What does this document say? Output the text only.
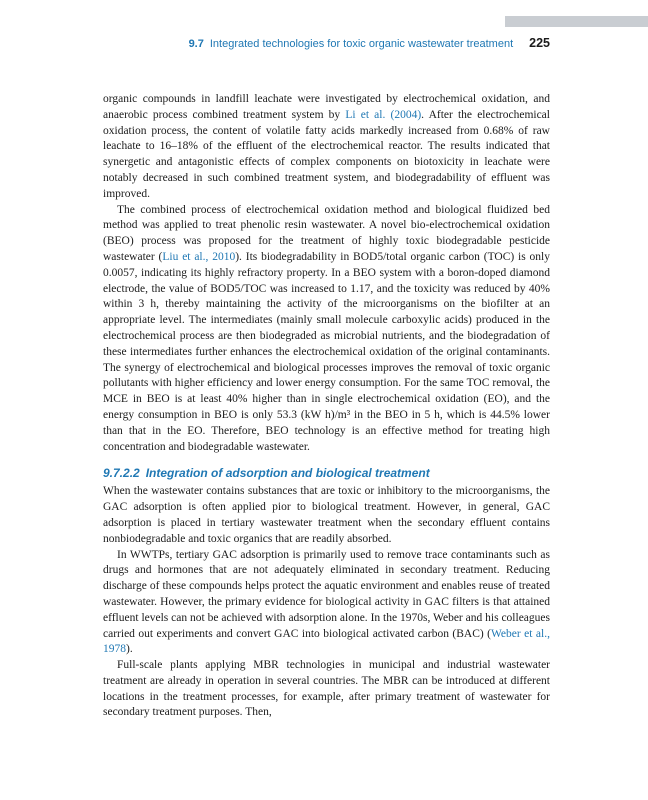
9.7 Integrated technologies for toxic organic wastewater treatment 225

organic compounds in landfill leachate were investigated by electrochemical oxidation, and anaerobic process combined treatment system by Li et al. (2004). After the electrochemical oxidation process, the content of volatile fatty acids markedly increased from 0.68% of raw leachate to 16–18% of the effluent of the electrochemical reactor. The results indicated that synergetic and antagonistic effects of complex components on biotoxicity in leachate were notably decreased in such combined treatment system, and biodegradability of effluent was improved.

The combined process of electrochemical oxidation method and biological fluidized bed method was applied to treat phenolic resin wastewater. A novel bio-electrochemical oxidation (BEO) process was proposed for the treatment of highly toxic biodegradable pesticide wastewater (Liu et al., 2010). Its biodegradability in BOD5/total organic carbon (TOC) is only 0.0057, indicating its highly refractory property. In a BEO system with a boron-doped diamond electrode, the value of BOD5/TOC was increased to 1.17, and the toxicity was reduced by 40% within 3 h, thereby maintaining the activity of the microorganisms on the biofilter at an appropriate level. The intermediates (mainly small molecule carboxylic acids) produced in the electrochemical process are then biodegraded as microbial nutrients, and the biodegradation of these intermediates further enhances the electrochemical oxidation of the original contaminants. The synergy of electrochemical and biological processes improves the removal of toxic organic pollutants with higher efficiency and lower energy consumption. For the same TOC removal, the MCE in BEO is at least 40% higher than in single electrochemical oxidation (EO), and the energy consumption in BEO is only 53.3 (kW h)/m³ in the BEO in 5 h, which is 44.5% lower than that in the EO. Therefore, BEO technology is an effective method for treating high concentration and biodegradable wastewater.

9.7.2.2 Integration of adsorption and biological treatment

When the wastewater contains substances that are toxic or inhibitory to the microorganisms, the GAC adsorption is often applied pior to biological treatment. However, in general, GAC adsorption is placed in tertiary wastewater treatment when the secondary effluent contains nonbiodegradable and toxic organics that are readily absorbed.

In WWTPs, tertiary GAC adsorption is primarily used to remove trace contaminants such as drugs and hormones that are not adequately eliminated in secondary treatment. Reducing discharge of these compounds helps protect the aquatic environment and enables reuse of treated wastewater. However, the primary evidence for biological activity in GAC filters is that attained effluent levels can not be achieved with adsorption alone. In the 1970s, Weber and his colleagues carried out experiments and convert GAC into biological activated carbon (BAC) (Weber et al., 1978).

Full-scale plants applying MBR technologies in municipal and industrial wastewater treatment are already in operation in several countries. The MBR can be introduced at different locations in the treatment processes, for example, after primary treatment of wastewater for secondary treatment purposes. Then,
